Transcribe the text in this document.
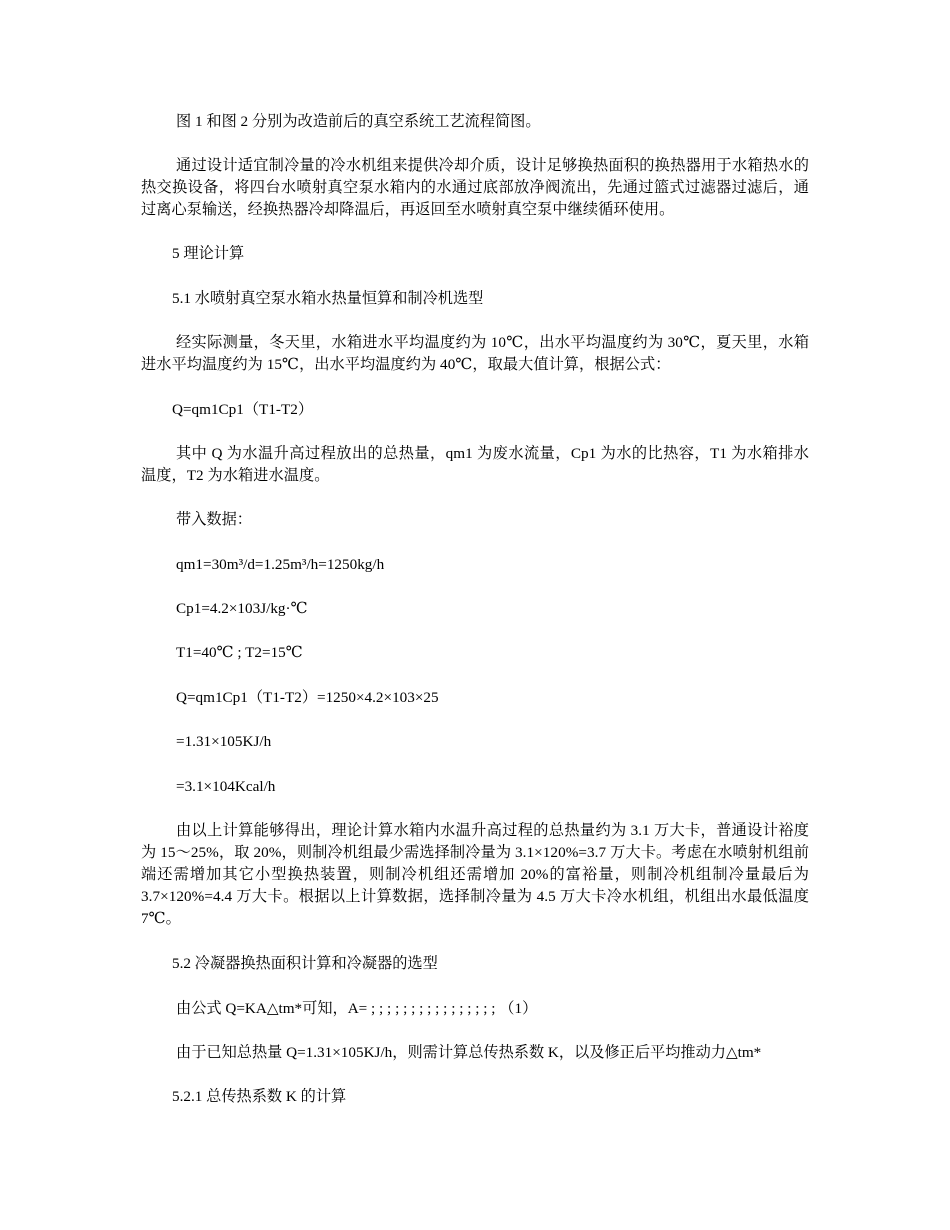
图 1 和图 2 分别为改造前后的真空系统工艺流程简图。
通过设计适宜制冷量的冷水机组来提供冷却介质，设计足够换热面积的换热器用于水箱热水的热交换设备，将四台水喷射真空泵水箱内的水通过底部放净阀流出，先通过篮式过滤器过滤后，通过离心泵输送，经换热器冷却降温后，再返回至水喷射真空泵中继续循环使用。
5 理论计算
5.1 水喷射真空泵水箱水热量恒算和制冷机选型
经实际测量，冬天里，水箱进水平均温度约为 10℃，出水平均温度约为 30℃，夏天里，水箱进水平均温度约为 15℃，出水平均温度约为 40℃，取最大值计算，根据公式：
Q=qm1Cp1（T1-T2）
其中 Q 为水温升高过程放出的总热量，qm1 为废水流量，Cp1 为水的比热容，T1 为水箱排水温度，T2 为水箱进水温度。
带入数据：
qm1=30m³/d=1.25m³/h=1250kg/h
Cp1=4.2×103J/kg·℃
T1=40℃ ; T2=15℃
Q=qm1Cp1（T1-T2）=1250×4.2×103×25
=1.31×105KJ/h
=3.1×104Kcal/h
由以上计算能够得出，理论计算水箱内水温升高过程的总热量约为 3.1 万大卡，普通设计裕度为 15～25%，取 20%，则制冷机组最少需选择制冷量为 3.1×120%=3.7 万大卡。考虑在水喷射机组前端还需增加其它小型换热装置，则制冷机组还需增加 20%的富裕量，则制冷机组制冷量最后为 3.7×120%=4.4 万大卡。根据以上计算数据，选择制冷量为 4.5 万大卡冷水机组，机组出水最低温度 7℃。
5.2 冷凝器换热面积计算和冷凝器的选型
由公式 Q=KA△tm*可知，A= ; ; ; ; ; ; ; ; ; ; ; ; ; ; ; ; （1）
由于已知总热量 Q=1.31×105KJ/h，则需计算总传热系数 K，以及修正后平均推动力△tm*
5.2.1 总传热系数 K 的计算
